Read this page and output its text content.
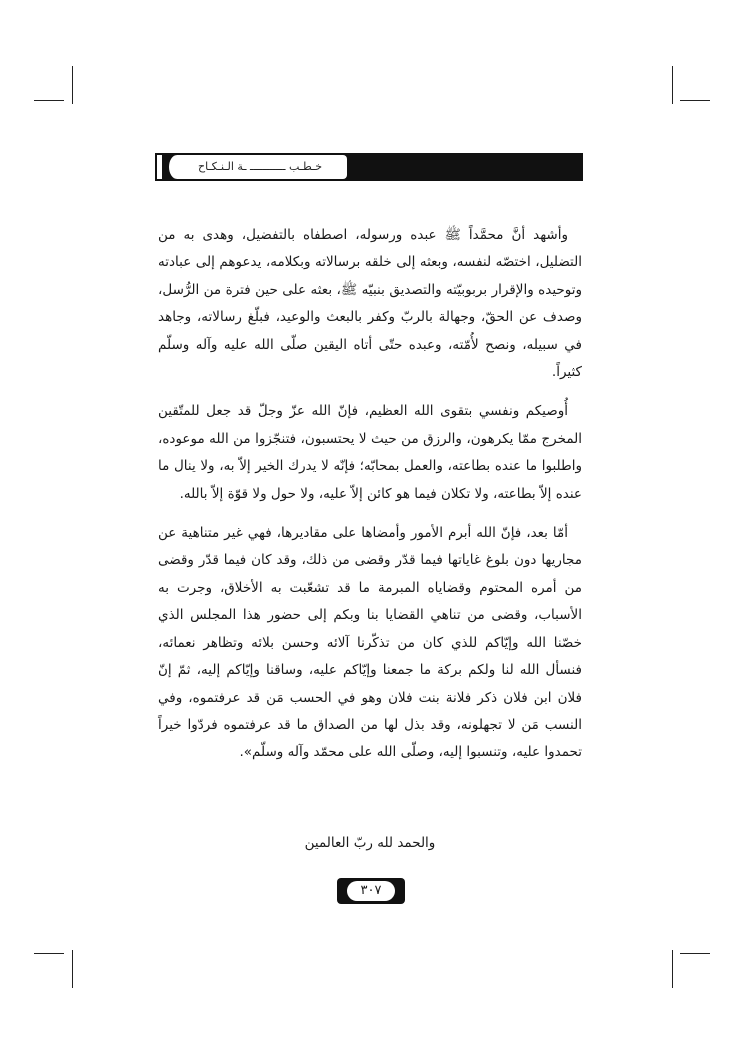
خـطـب ـــــــــــ ـة الـنـكـاح

وأشهد أنَّ محمَّداً ﷺ عبده ورسوله، اصطفاه بالتفضيل، وهدى به من التضليل، اختصّه لنفسه، وبعثه إلى خلقه برسالاته وبكلامه، يدعوهم إلى عبادته وتوحيده والإقرار بربوبيّته والتصديق بنبيّه ﷺ، بعثه على حين فترة من الرُّسل، وصدف عن الحقّ، وجهالة بالربّ وكفر بالبعث والوعيد، فبلّغ رسالاته، وجاهد في سبيله، ونصح لأُمّته، وعبده حتّى أتاه اليقين صلّى الله عليه وآله وسلّم كثيراً.

أُوصيكم ونفسي بتقوى الله العظيم، فإنّ الله عزّ وجلّ قد جعل للمتّقين المخرج ممّا يكرهون، والرزق من حيث لا يحتسبون، فتنجّزوا من الله موعوده، واطلبوا ما عنده بطاعته، والعمل بمحابّه؛ فإنّه لا يدرك الخير إلاّ به، ولا ينال ما عنده إلاّ بطاعته، ولا تكلان فيما هو كائن إلاّ عليه، ولا حول ولا قوّة إلاّ بالله.

أمّا بعد، فإنّ الله أبرم الأمور وأمضاها على مقاديرها، فهي غير متناهية عن مجاريها دون بلوغ غاياتها فيما قدّر وقضى من ذلك، وقد كان فيما قدّر وقضى من أمره المحتوم وقضاياه المبرمة ما قد تشعّبت به الأخلاق، وجرت به الأسباب، وقضى من تناهي القضايا بنا وبكم إلى حضور هذا المجلس الذي خصّنا الله وإيّاكم للذي كان من تذكّرنا آلائه وحسن بلائه وتظاهر نعمائه، فنسأل الله لنا ولكم بركة ما جمعنا وإيّاكم عليه، وساقنا وإيّاكم إليه، ثمّ إنّ فلان ابن فلان ذكر فلانة بنت فلان وهو في الحسب مَن قد عرفتموه، وفي النسب مَن لا تجهلونه، وقد بذل لها من الصداق ما قد عرفتموه فردّوا خيراً تحمدوا عليه، وتنسبوا إليه، وصلّى الله على محمّد وآله وسلّم».

والحمد لله ربّ العالمين
٣٠٧
